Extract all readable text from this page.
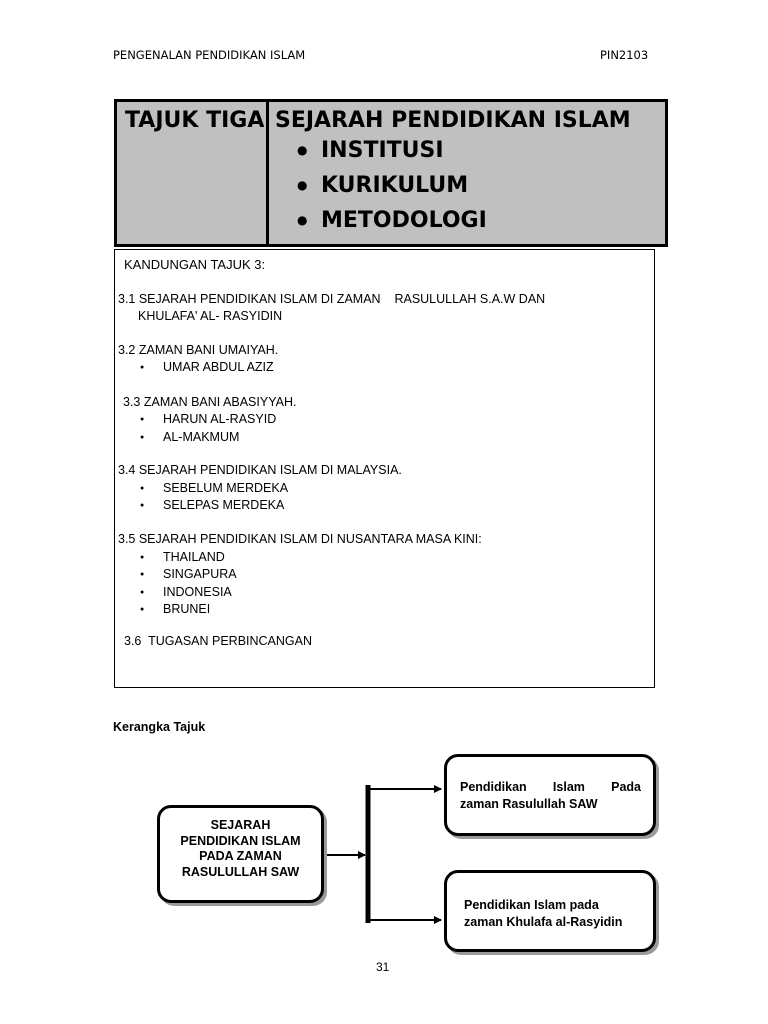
PENGENALAN PENDIDIKAN ISLAM	PIN2103
TAJUK TIGA SEJARAH PENDIDIKAN ISLAM
● INSTITUSI
● KURIKULUM
● METODOLOGI
KANDUNGAN TAJUK 3:
3.1 SEJARAH PENDIDIKAN ISLAM DI ZAMAN    RASULULLAH S.A.W DAN
KHULAFA' AL- RASYIDIN
3.2 ZAMAN BANI UMAIYAH.
● UMAR ABDUL AZIZ
3.3 ZAMAN BANI ABASIYYAH.
● HARUN AL-RASYID
● AL-MAKMUM
3.4 SEJARAH PENDIDIKAN ISLAM DI MALAYSIA.
● SEBELUM MERDEKA
● SELEPAS MERDEKA
3.5 SEJARAH PENDIDIKAN ISLAM DI NUSANTARA MASA KINI:
● THAILAND
● SINGAPURA
● INDONESIA
● BRUNEI
3.6  TUGASAN PERBINCANGAN
Kerangka Tajuk
SEJARAH
PENDIDIKAN ISLAM
PADA ZAMAN
RASULULLAH SAW
Pendidikan  Islam  Pada
zaman Rasulullah SAW
Pendidikan Islam pada
zaman Khulafa al-Rasyidin
31
